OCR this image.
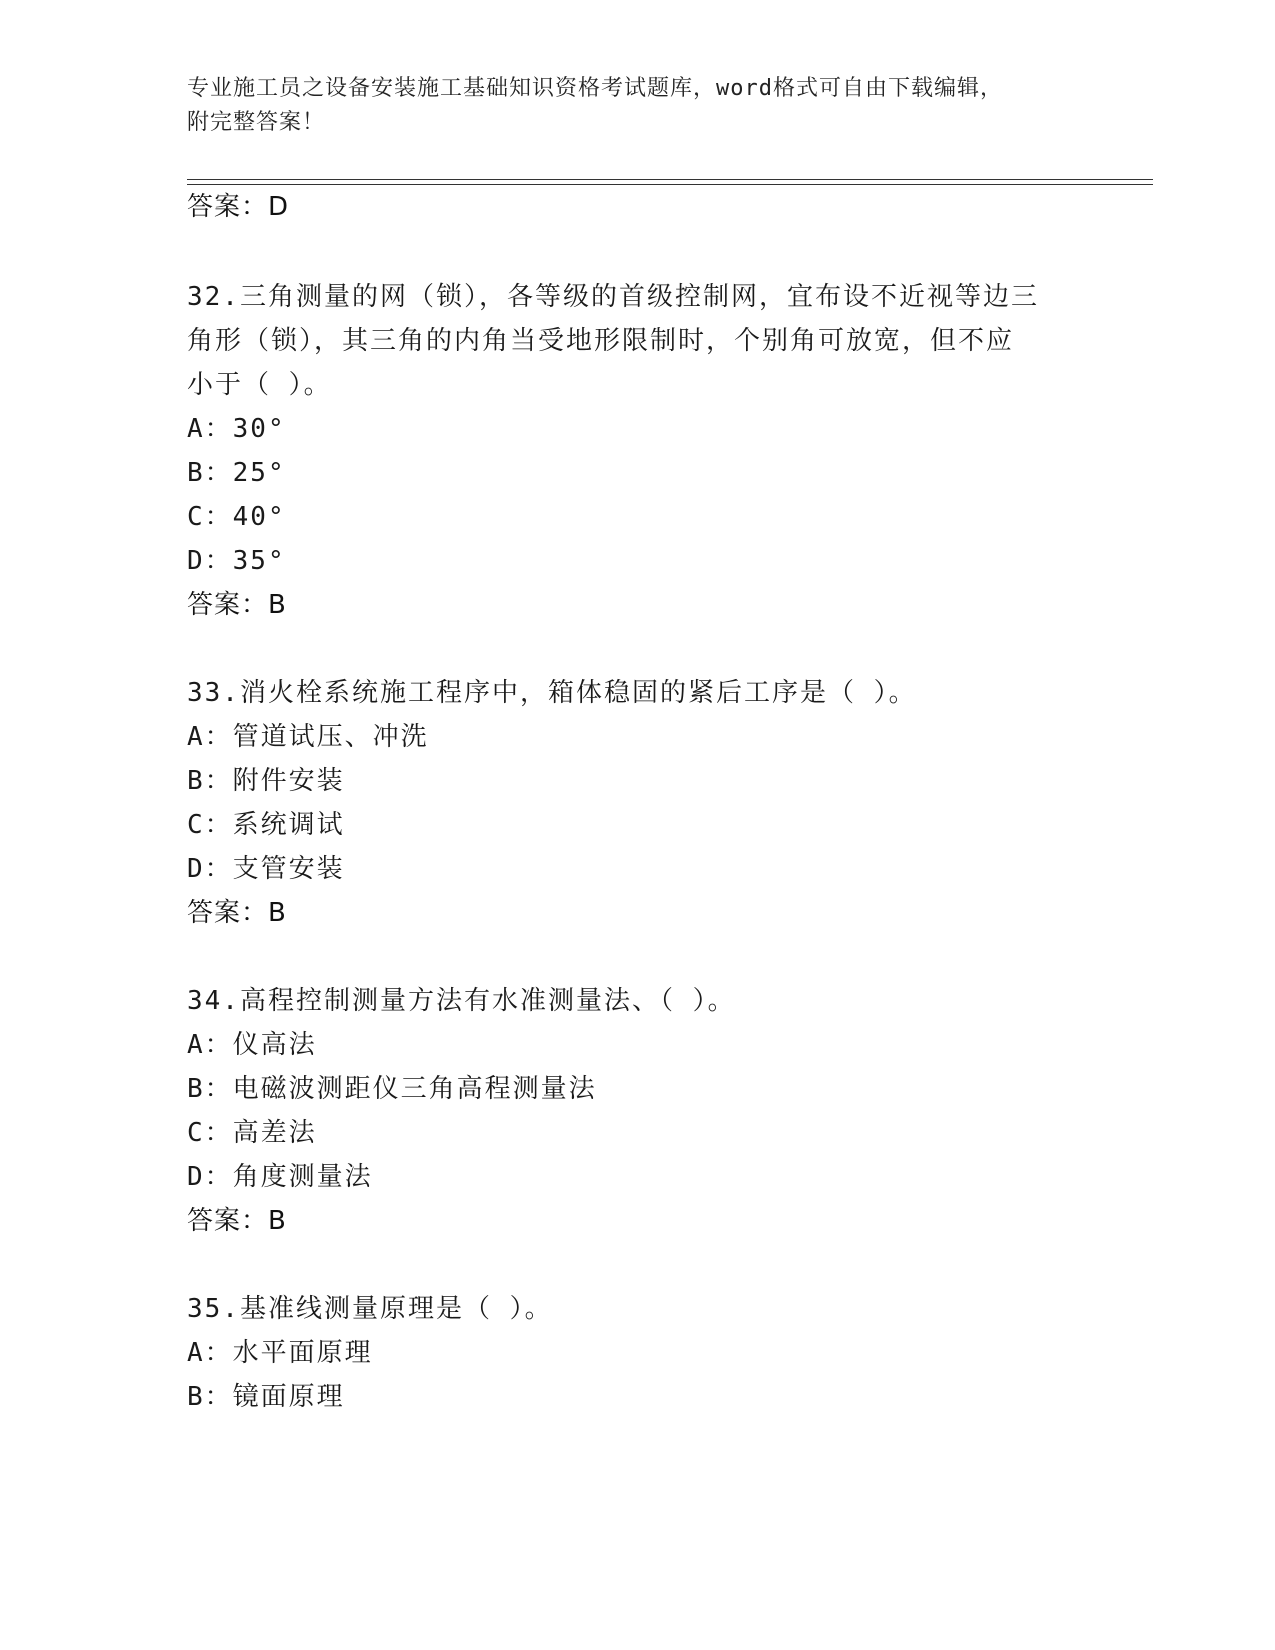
专业施工员之设备安装施工基础知识资格考试题库，word格式可自由下载编辑，
附完整答案！
答案：D
32.三角测量的网（锁），各等级的首级控制网，宜布设不近视等边三
角形（锁），其三角的内角当受地形限制时，个别角可放宽，但不应
小于（ ）。
A：30°
B：25°
C：40°
D：35°
答案：B
33.消火栓系统施工程序中，箱体稳固的紧后工序是（ ）。
A：管道试压、冲洗
B：附件安装
C：系统调试
D：支管安装
答案：B
34.高程控制测量方法有水准测量法、（ ）。
A：仪高法
B：电磁波测距仪三角高程测量法
C：高差法
D：角度测量法
答案：B
35.基准线测量原理是（ ）。
A：水平面原理
B：镜面原理
